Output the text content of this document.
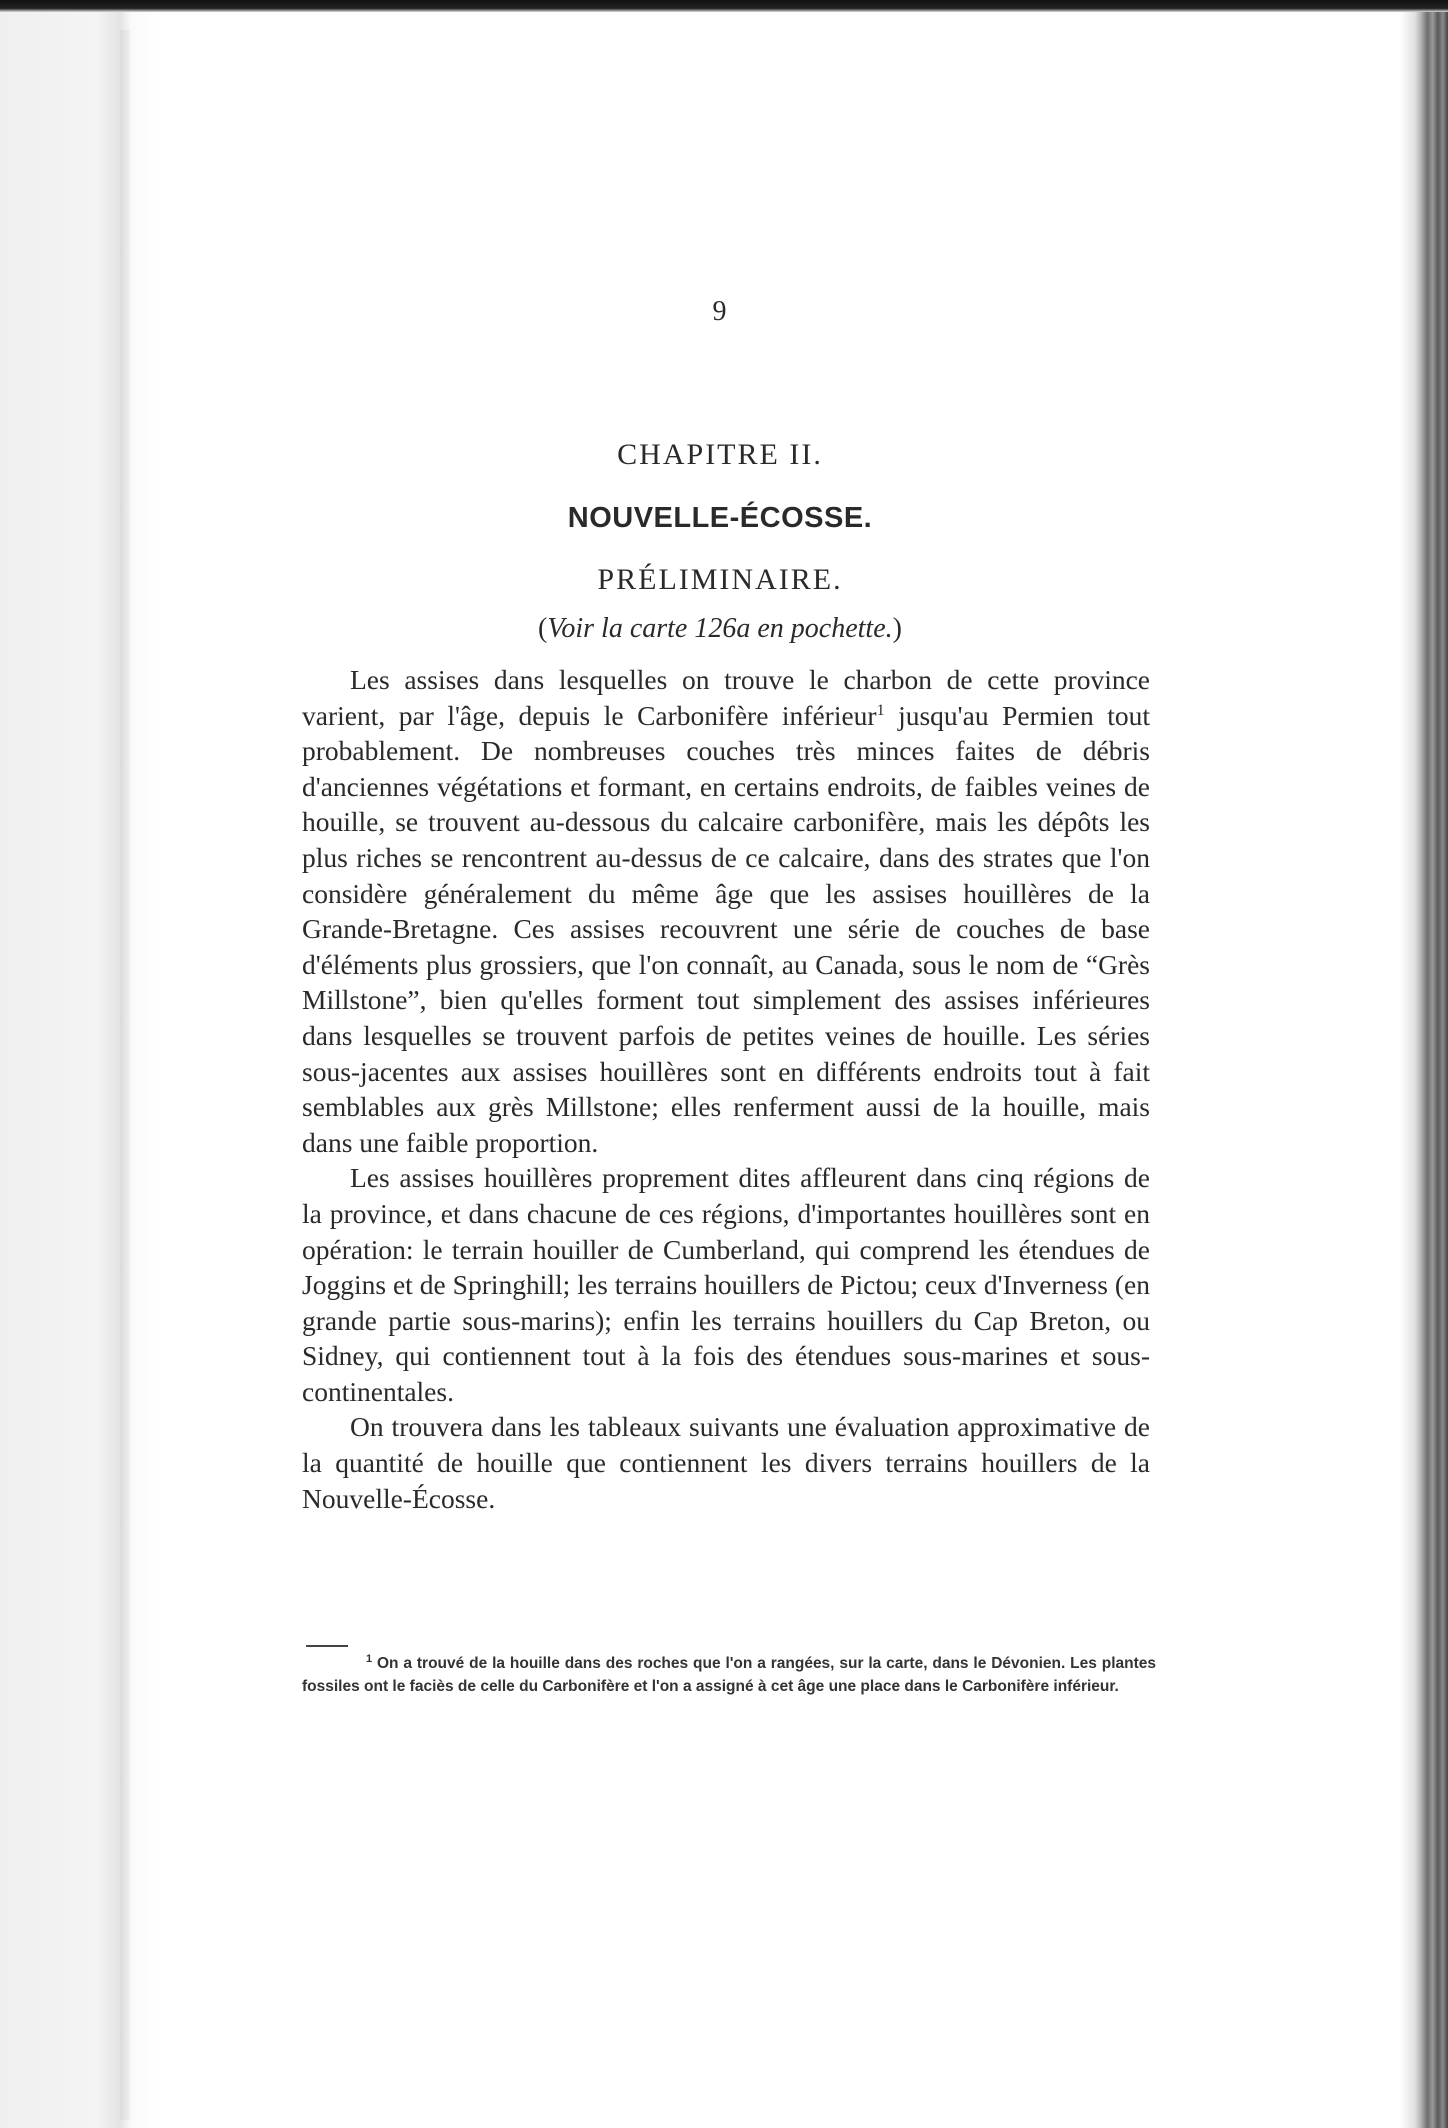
9
CHAPITRE II.
NOUVELLE-ÉCOSSE.
PRÉLIMINAIRE.
(Voir la carte 126a en pochette.)

Les assises dans lesquelles on trouve le charbon de cette province varient, par l'âge, depuis le Carbonifère inférieur$^1$ jusqu'au Permien tout probablement. De nombreuses couches très minces faites de débris d'anciennes végétations et formant, en certains endroits, de faibles veines de houille, se trouvent au-dessous du calcaire carbonifère, mais les dépôts les plus riches se rencontrent au-dessus de ce calcaire, dans des strates que l'on considère généralement du même âge que les assises houillères de la Grande-Bretagne. Ces assises recouvrent une série de couches de base d'éléments plus grossiers, que l'on connaît, au Canada, sous le nom de “Grès Millstone”, bien qu'elles forment tout simplement des assises inférieures dans lesquelles se trouvent parfois de petites veines de houille. Les séries sous-jacentes aux assises houillères sont en différents endroits tout à fait semblables aux grès Millstone; elles renferment aussi de la houille, mais dans une faible proportion.

Les assises houillères proprement dites affleurent dans cinq régions de la province, et dans chacune de ces régions, d'importantes houillères sont en opération: le terrain houiller de Cumberland, qui comprend les étendues de Joggins et de Springhill; les terrains houillers de Pictou; ceux d'Inverness (en grande partie sous-marins); enfin les terrains houillers du Cap Breton, ou Sidney, qui contiennent tout à la fois des étendues sous-marines et sous-continentales.

On trouvera dans les tableaux suivants une évaluation approximative de la quantité de houille que contiennent les divers terrains houillers de la Nouvelle-Écosse.

$^1$ On a trouvé de la houille dans des roches que l'on a rangées, sur la carte, dans le Dévonien. Les plantes fossiles ont le faciès de celle du Carbonifère et l'on a assigné à cet âge une place dans le Carbonifère inférieur.
